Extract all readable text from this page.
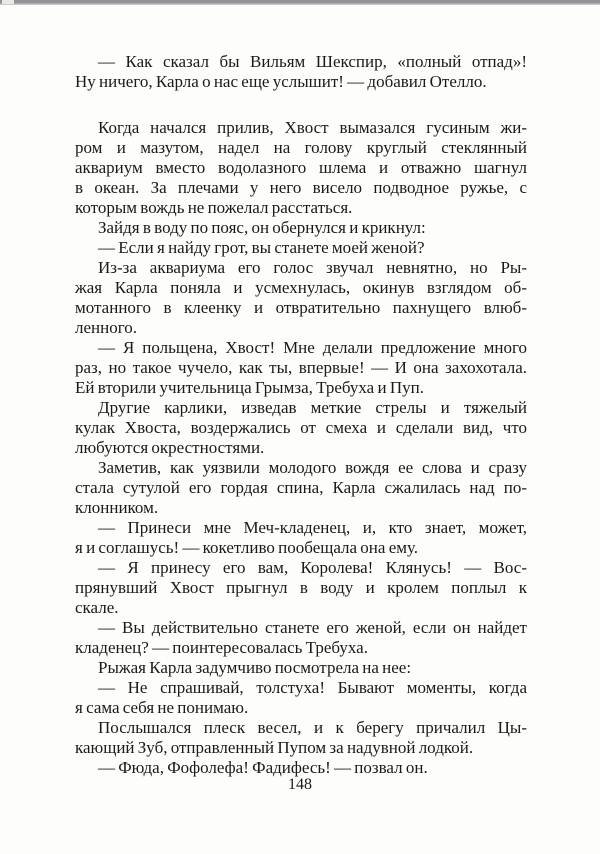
— Как сказал бы Вильям Шекспир, «полный отпад»!
Ну ничего, Карла о нас еще услышит! — добавил Отелло.
Когда начался прилив, Хвост вымазался гусиным жи-
ром и мазутом, надел на голову круглый стеклянный
аквариум вместо водолазного шлема и отважно шагнул
в океан. За плечами у него висело подводное ружье, с
которым вождь не пожелал расстаться.
Зайдя в воду по пояс, он обернулся и крикнул:
— Если я найду грот, вы станете моей женой?
Из-за аквариума его голос звучал невнятно, но Ры-
жая Карла поняла и усмехнулась, окинув взглядом об-
мотанного в клеенку и отвратительно пахнущего влюб-
ленного.
— Я польщена, Хвост! Мне делали предложение много
раз, но такое чучело, как ты, впервые! — И она захохотала.
Ей вторили учительница Грымза, Требуха и Пуп.
Другие карлики, изведав меткие стрелы и тяжелый
кулак Хвоста, воздержались от смеха и сделали вид, что
любуются окрестностями.
Заметив, как уязвили молодого вождя ее слова и сразу
стала сутулой его гордая спина, Карла сжалилась над по-
клонником.
— Принеси мне Меч-кладенец, и, кто знает, может,
я и соглашусь! — кокетливо пообещала она ему.
— Я принесу его вам, Королева! Клянусь! — Вос-
прянувший Хвост прыгнул в воду и кролем поплыл к
скале.
— Вы действительно станете его женой, если он найдет
кладенец? — поинтересовалась Требуха.
Рыжая Карла задумчиво посмотрела на нее:
— Не спрашивай, толстуха! Бывают моменты, когда
я сама себя не понимаю.
Послышался плеск весел, и к берегу причалил Цы-
кающий Зуб, отправленный Пупом за надувной лодкой.
— Фюда, Фофолефа! Фадифесь! — позвал он.
148
